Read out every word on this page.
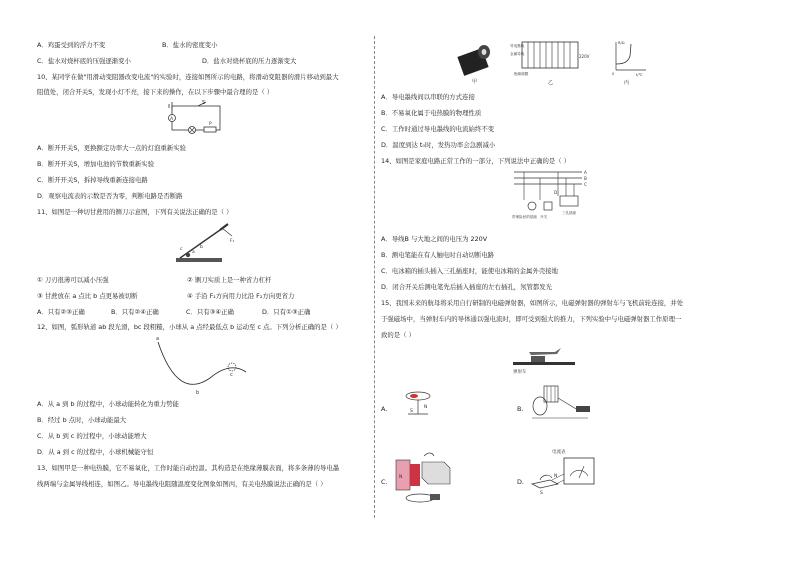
A．鸡蛋受到的浮力不变	B．盐水的密度变小
C．盐水对烧杯底的压强逐渐变小	D．盐水对烧杯底的压力逐渐变大
10、某同学在做"用滑动变阻器改变电流"的实验时，连接如图所示的电路，将滑动变阻器的滑片移动到最大
阻值处，闭合开关S，发现小灯不亮，接下来的操作，在以下步骤中最合理的是（ ）
S
A
P
A．断开开关S，更换额定功率大一点的灯泡重新实验
B．断开开关S，增加电池的节数重新实验
C．断开开关S，拆掉导线重新连接电路
D．观察电流表的示数是否为零，判断电路是否断路
11、如图是一种切甘蔗用的铡刀示意图，下列有关说法正确的是（ ）
F₁
a
b
c
① 刀刃很薄可以减小压强	② 铡刀实质上是一种省力杠杆
③ 甘蔗放在 a 点比 b 点更易被切断	④ 手沿 F₁方向用力比沿 F₂方向更省力
A．只有②③正确	B．只有②④正确	C．只有③④正确	D．只有①③正确
12、如图，弧形轨道 ab 段光滑，bc 段粗糙，小球从 a 点经最低点 b 运动至 c 点。下列分析正确的是（ ）
a
b
c
A．从 a 到 b 的过程中，小球动能转化为重力势能
B．经过 b 点时，小球动能最大
C．从 b 到 c 的过程中，小球动能增大
D．从 a 到 c 的过程中，小球机械能守恒
13、如图甲是一种电热膜，它不易氧化，工作时能自动控温。其构造是在绝缘薄膜表面，将多条薄的导电墨
线两端与金属导线相连，如图乙。导电墨线电阻随温度变化图象如图丙，有关电热膜说法正确的是（ ）
甲
导电墨线
金属导线
绝缘薄膜
220V
乙
R/Ω
t/℃
0
丙
A．导电墨线间以串联的方式连接
B．不易氧化属于电热膜的物理性质
C．工作时通过导电墨线的电流始终不变
D．温度到达 t₀时，发热功率会急剧减小
14、如图是家庭电路正常工作的一部分，下列说法中正确的是（ ）
A
B
C
D
开关
三孔插座
带保险丝的插座
A．导线B 与大地之间的电压为 220V
B．测电笔能在有人触电时自动切断电路
C．电冰箱的插头插入三孔插座时，能使电冰箱的金属外壳接地
D．闭合开关后测电笔先后插入插座的左右插孔，氖管都发光
15、我国未来的航母将采用自行研制的电磁弹射器，如图所示，电磁弹射器的弹射车与飞机前轮连接，并处
于强磁场中，当弹射车内的导体通以强电流时，即可受到强大的推力，下列实验中与电磁弹射器工作原理一
致的是（ ）
弹射车
A.	S
N	B.
C.
N
D.
电流表
S
N
